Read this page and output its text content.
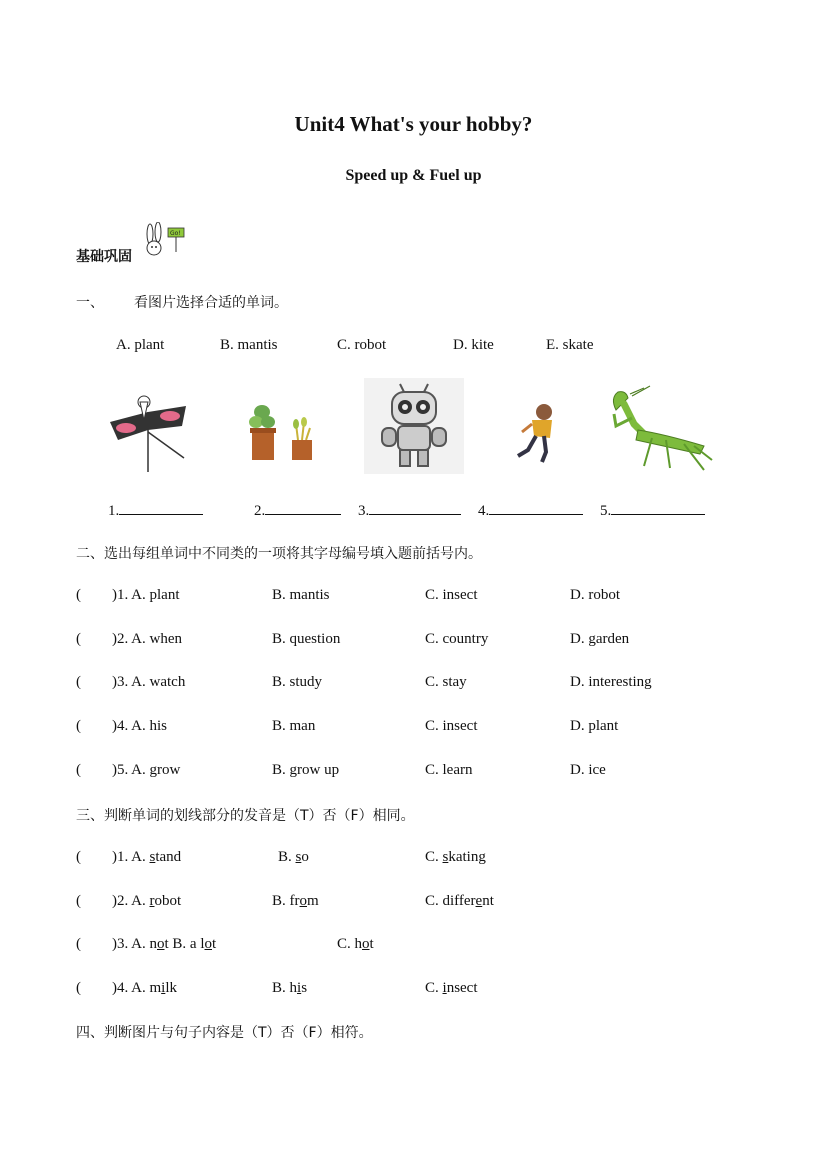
Unit4 What's your hobby?
Speed up & Fuel up
基础巩固
Go!
一、 看图片选择合适的单词。
A. plant	B. mantis	C. robot	D. kite	E. skate
1.	2.	3.	4.	5.
二、选出每组单词中不同类的一项将其字母编号填入题前括号内。
( )1. A. plant	B. mantis	C. insect	D. robot
( )2. A. when	B. question	C. country	D. garden
( )3. A. watch	B. study	C. stay	D. interesting
( )4. A. his	B. man	C. insect	D. plant
( )5. A. grow	B. grow up	C. learn	D. ice
三、判断单词的划线部分的发音是（T）否（F）相同。
( )1. A. stand	B. so	C. skating
( )2. A. robot	B. from	C. different
( )3. A. not B. a lot	C. hot
( )4. A. milk	B. his	C. insect
四、判断图片与句子内容是（T）否（F）相符。
